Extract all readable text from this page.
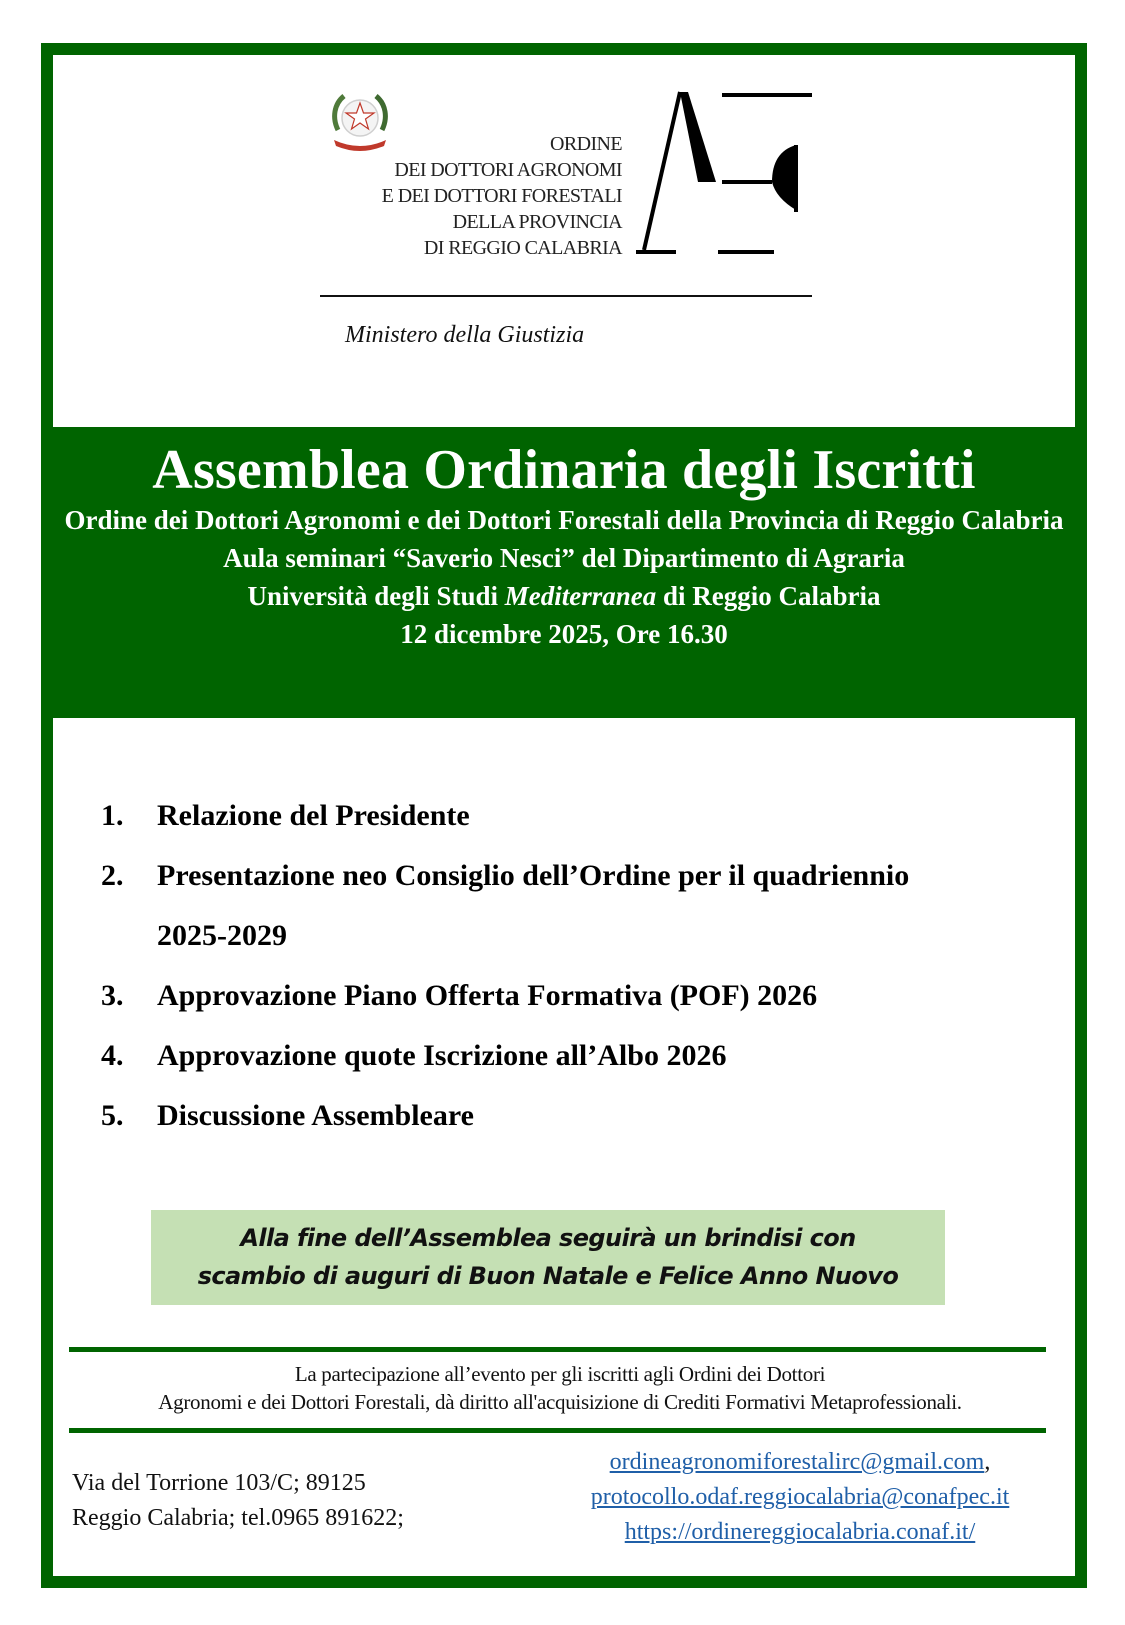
ORDINE
DEI DOTTORI AGRONOMI
E DEI DOTTORI FORESTALI
DELLA PROVINCIA
DI REGGIO CALABRIA
Ministero della Giustizia
Assemblea Ordinaria degli Iscritti
Ordine dei Dottori Agronomi e dei Dottori Forestali della Provincia di Reggio Calabria
Aula seminari “Saverio Nesci” del Dipartimento di Agraria
Università degli Studi Mediterranea di Reggio Calabria
12 dicembre 2025, Ore 16.30
1.	Relazione del Presidente
2.	Presentazione neo Consiglio dell’Ordine per il quadriennio 2025-2029
3.	Approvazione Piano Offerta Formativa (POF) 2026
4.	Approvazione quote Iscrizione all’Albo 2026
5.	Discussione Assembleare
Alla fine dell’Assemblea seguirà un brindisi con
scambio di auguri di Buon Natale e Felice Anno Nuovo
La partecipazione all’evento per gli iscritti agli Ordini dei Dottori
Agronomi e dei Dottori Forestali, dà diritto all'acquisizione di Crediti Formativi Metaprofessionali.
Via del Torrione 103/C; 89125
Reggio Calabria; tel.0965 891622;
ordineagronomiforestalirc@gmail.com,
protocollo.odaf.reggiocalabria@conafpec.it
https://ordinereggiocalabria.conaf.it/
